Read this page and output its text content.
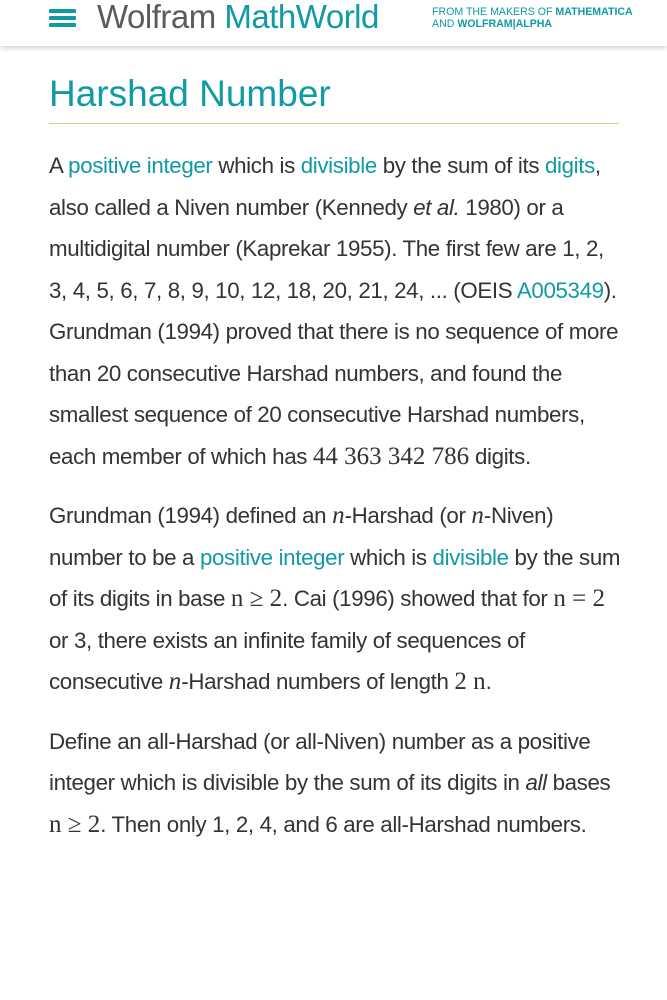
Wolfram MathWorld	FROM THE MAKERS OF MATHEMATICA
AND WOLFRAM|ALPHA
Harshad Number

A positive integer which is divisible by the sum of its digits, also called a Niven number (Kennedy et al. 1980) or a multidigital number (Kaprekar 1955). The first few are 1, 2, 3, 4, 5, 6, 7, 8, 9, 10, 12, 18, 20, 21, 24, ... (OEIS A005349). Grundman (1994) proved that there is no sequence of more than 20 consecutive Harshad numbers, and found the smallest sequence of 20 consecutive Harshad numbers, each member of which has 44 363 342 786 digits.

Grundman (1994) defined an n-Harshad (or n-Niven) number to be a positive integer which is divisible by the sum of its digits in base n ≥ 2. Cai (1996) showed that for n = 2 or 3, there exists an infinite family of sequences of consecutive n-Harshad numbers of length 2 n.

Define an all-Harshad (or all-Niven) number as a positive integer which is divisible by the sum of its digits in all bases n ≥ 2. Then only 1, 2, 4, and 6 are all-Harshad numbers.
